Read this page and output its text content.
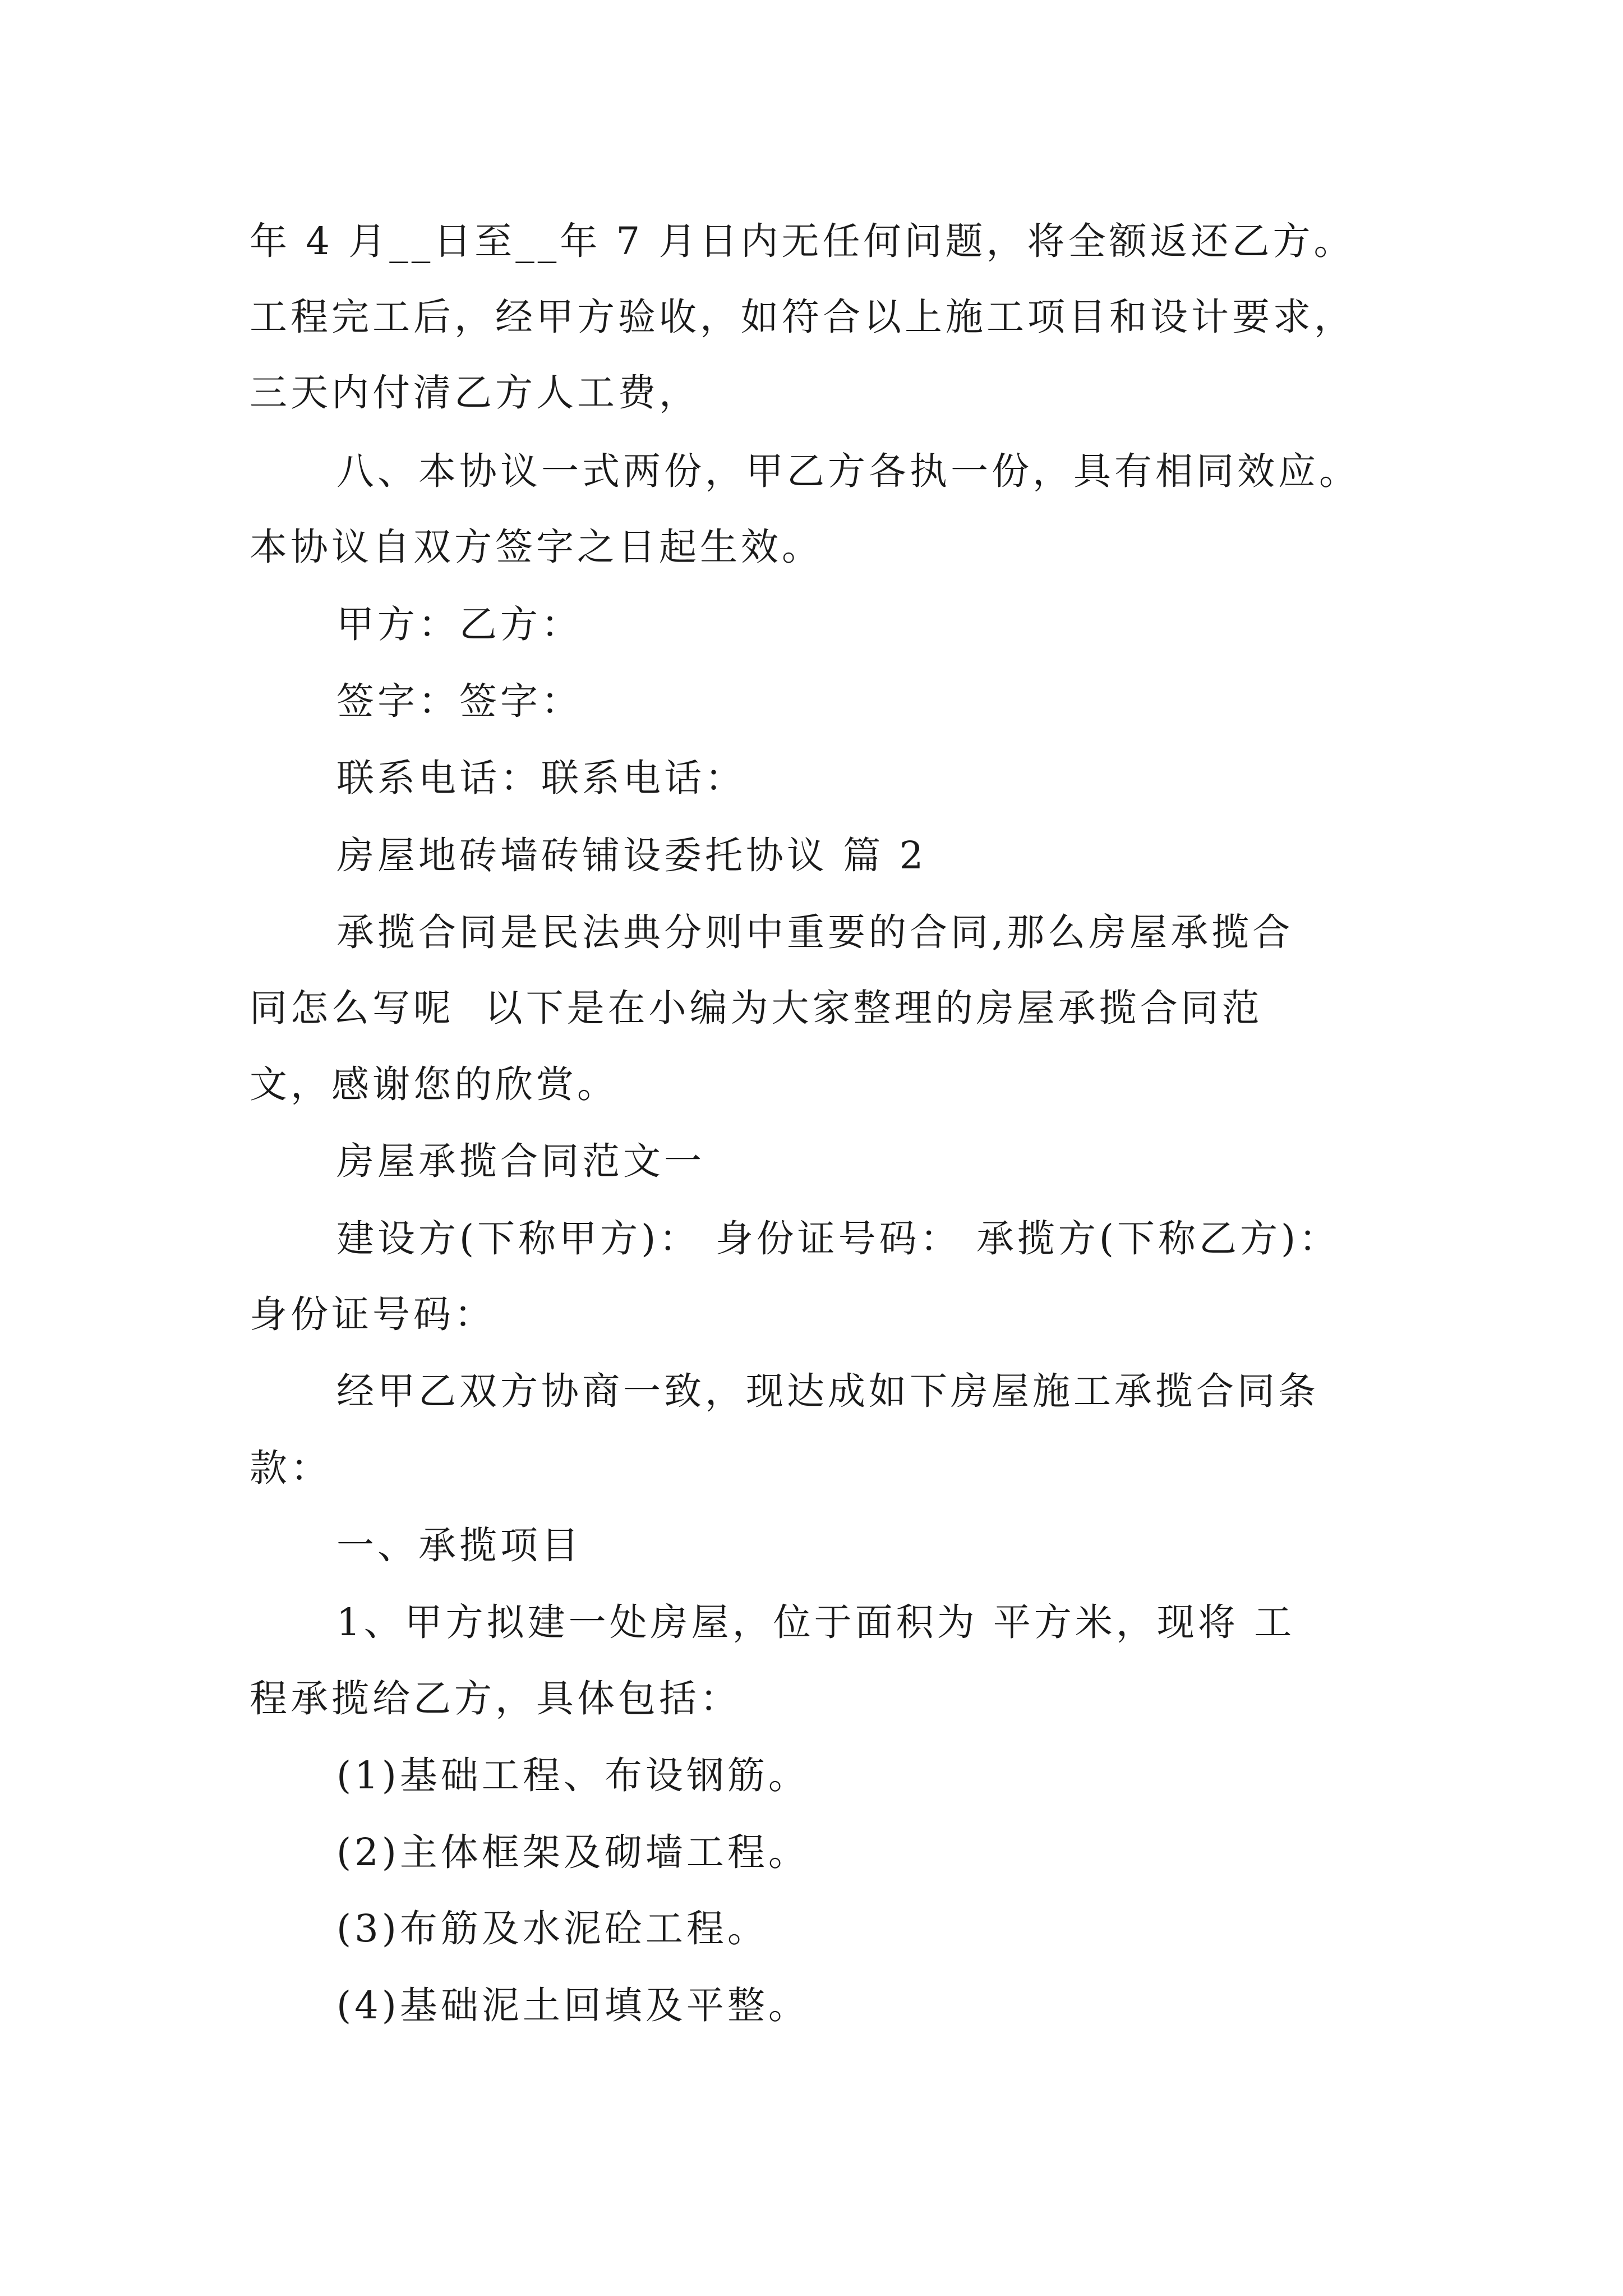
年 4 月__日至__年 7 月日内无任何问题，将全额返还乙方。
工程完工后，经甲方验收，如符合以上施工项目和设计要求，
三天内付清乙方人工费，
八、本协议一式两份，甲乙方各执一份，具有相同效应。
本协议自双方签字之日起生效。
甲方：乙方：
签字：签字：
联系电话：联系电话：
房屋地砖墙砖铺设委托协议 篇 2
承揽合同是民法典分则中重要的合同,那么房屋承揽合
同怎么写呢  以下是在小编为大家整理的房屋承揽合同范
文，感谢您的欣赏。
房屋承揽合同范文一
建设方(下称甲方)： 身份证号码： 承揽方(下称乙方)：
身份证号码：
经甲乙双方协商一致，现达成如下房屋施工承揽合同条
款：
一、承揽项目
1、甲方拟建一处房屋，位于面积为 平方米，现将 工
程承揽给乙方，具体包括：
(1)基础工程、布设钢筋。
(2)主体框架及砌墙工程。
(3)布筋及水泥砼工程。
(4)基础泥土回填及平整。
